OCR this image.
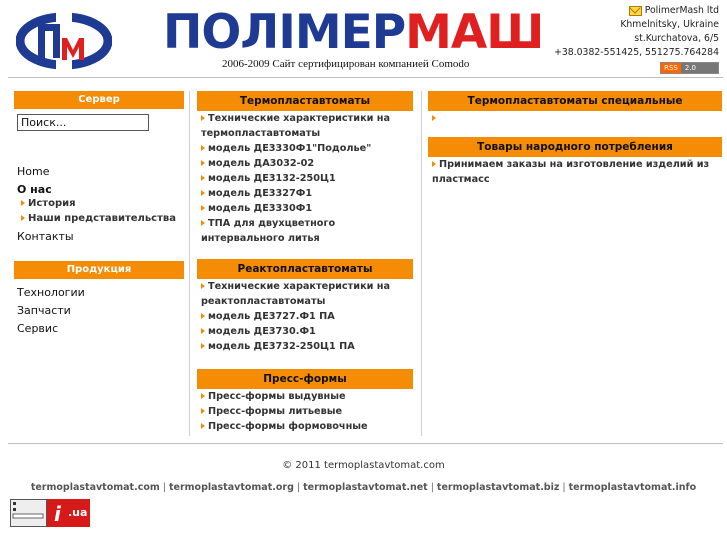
ПОЛІМЕРМАШ
2006-2009 Сайт сертифицирован компанией Comodo
PolimerMash ltd
Khmelnitsky, Ukraine
st.Kurchatova, 6/5
+38.0382-551425, 551275.764284
RSS 2.0
Сервер
Поиск...
Home
О нас
История
Наши представительства
Контакты
Продукция
Технологии
Запчасти
Сервис
Термопластавтоматы
Технические характеристики на термопластавтоматы
модель ДЕ3330Ф1"Подолье"
модель ДА3032-02
модель ДЕ3132-250Ц1
модель ДЕ3327Ф1
модель ДЕ3330Ф1
ТПА для двухцветного интервального литья
Реактопластавтоматы
Технические характеристики на реактопластавтоматы
модель ДЕ3727.Ф1 ПА
модель ДЕ3730.Ф1
модель ДЕ3732-250Ц1 ПА
Пресс-формы
Пресс-формы выдувные
Пресс-формы литьевые
Пресс-формы формовочные
Термопластавтоматы специальные
Товары народного потребления
Принимаем заказы на изготовление изделий из пластмасс
© 2011 termoplastavtomat.com
termoplastavtomat.com | termoplastavtomat.org | termoplastavtomat.net | termoplastavtomat.biz | termoplastavtomat.info
i .ua
